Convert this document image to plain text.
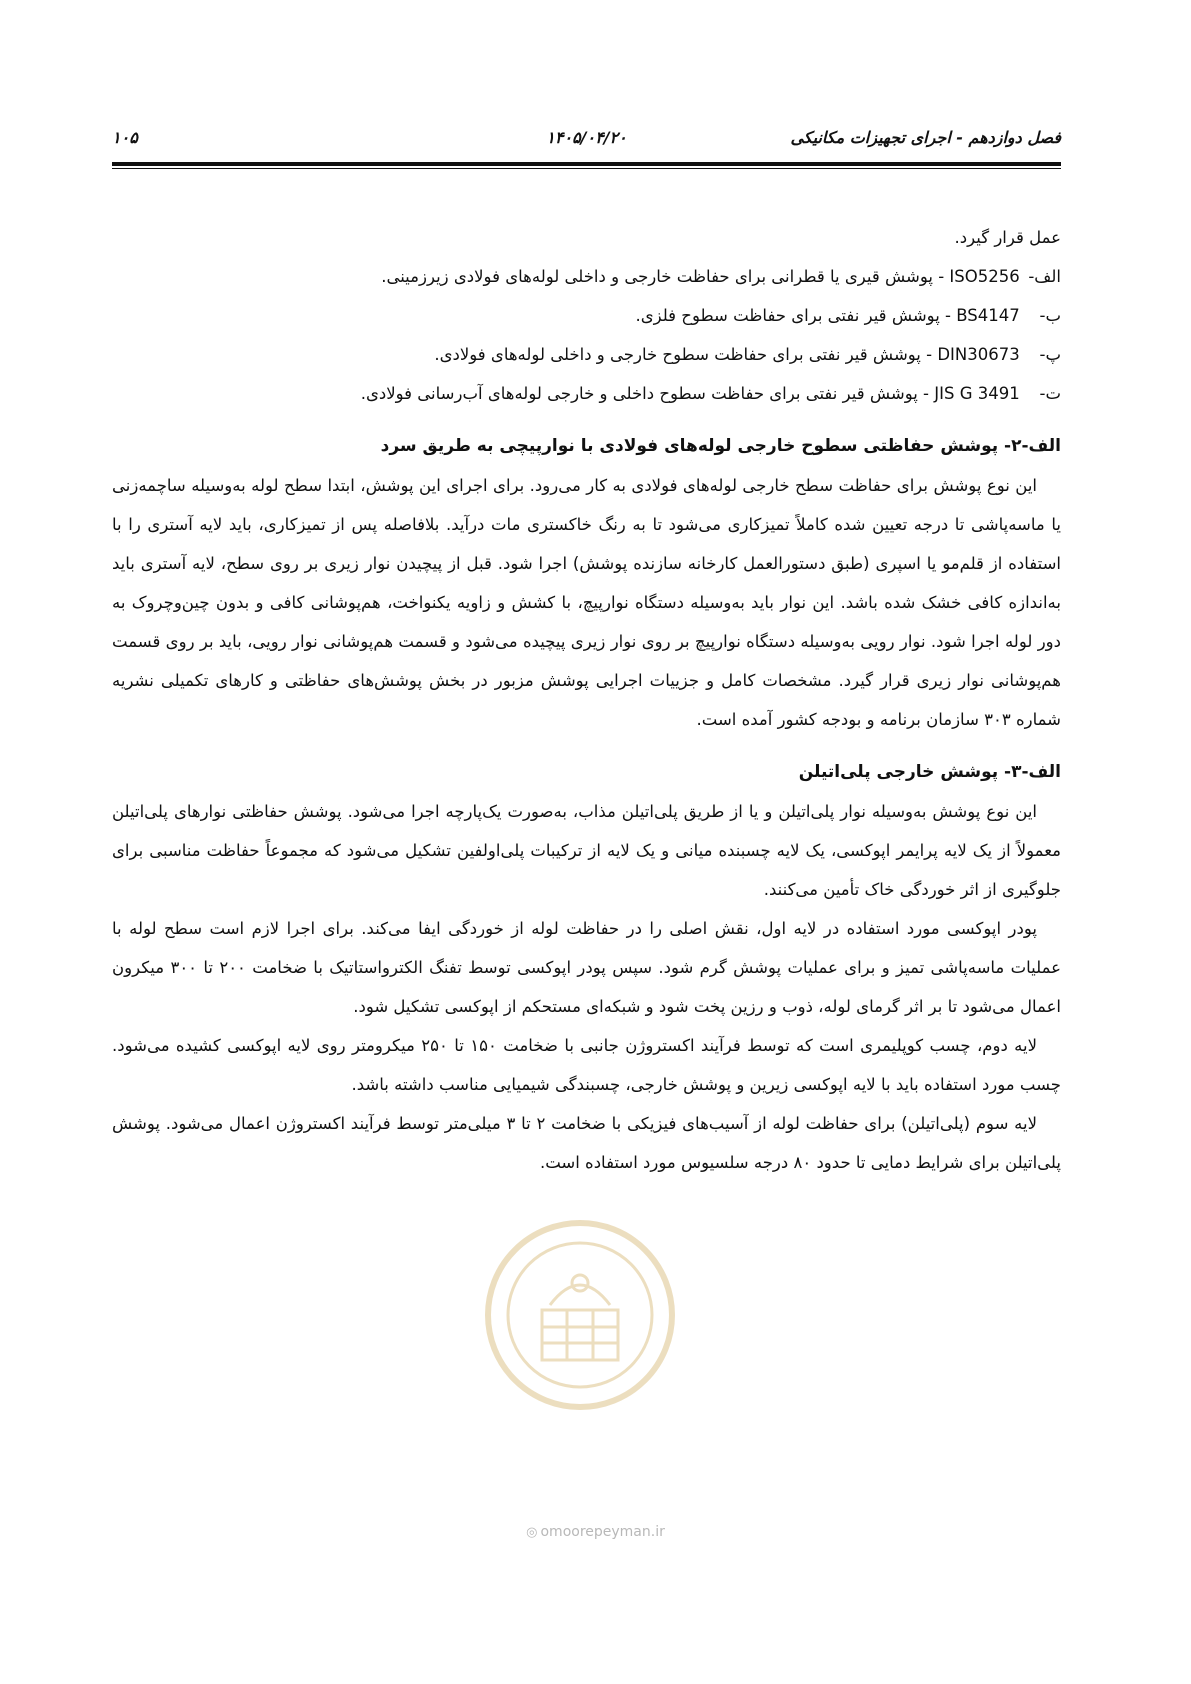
فصل دوازدهم - اجرای تجهیزات مکانیکی
۱۴۰۵/۰۴/۲۰
۱۰۵

عمل قرار گیرد.

الف- ISO5256 - پوشش قیری یا قطرانی برای حفاظت خارجی و داخلی لوله‌های فولادی زیرزمینی.
ب- BS4147 - پوشش قیر نفتی برای حفاظت سطوح فلزی.
پ- DIN30673 - پوشش قیر نفتی برای حفاظت سطوح خارجی و داخلی لوله‌های فولادی.
ت- JIS G 3491 - پوشش قیر نفتی برای حفاظت سطوح داخلی و خارجی لوله‌های آب‌رسانی فولادی.

الف-۲- پوشش حفاظتی سطوح خارجی لوله‌های فولادی با نوارپیچی به طریق سرد

این نوع پوشش برای حفاظت سطح خارجی لوله‌های فولادی به کار می‌رود. برای اجرای این پوشش، ابتدا سطح لوله به‌وسیله ساچمه‌زنی یا ماسه‌پاشی تا درجه تعیین شده کاملاً تمیزکاری می‌شود تا به رنگ خاکستری مات درآید. بلافاصله پس از تمیزکاری، باید لایه آستری را با استفاده از قلم‌مو یا اسپری (طبق دستورالعمل کارخانه سازنده پوشش) اجرا شود. قبل از پیچیدن نوار زیری بر روی سطح، لایه آستری باید به‌اندازه کافی خشک شده باشد. این نوار باید به‌وسیله دستگاه نوارپیچ، با کشش و زاویه یکنواخت، هم‌پوشانی کافی و بدون چین‌وچروک به دور لوله اجرا شود. نوار رویی به‌وسیله دستگاه نوارپیچ بر روی نوار زیری پیچیده می‌شود و قسمت هم‌پوشانی نوار رویی، باید بر روی قسمت هم‌پوشانی نوار زیری قرار گیرد. مشخصات کامل و جزییات اجرایی پوشش مزبور در بخش پوشش‌های حفاظتی و کارهای تکمیلی نشریه شماره ۳۰۳ سازمان برنامه و بودجه کشور آمده است.

الف-۳- پوشش خارجی پلی‌اتیلن

این نوع پوشش به‌وسیله نوار پلی‌اتیلن و یا از طریق پلی‌اتیلن مذاب، به‌صورت یک‌پارچه اجرا می‌شود. پوشش حفاظتی نوارهای پلی‌اتیلن معمولاً از یک لایه پرایمر اپوکسی، یک لایه چسبنده میانی و یک لایه از ترکیبات پلی‌اولفین تشکیل می‌شود که مجموعاً حفاظت مناسبی برای جلوگیری از اثر خوردگی خاک تأمین می‌کنند.

پودر اپوکسی مورد استفاده در لایه اول، نقش اصلی را در حفاظت لوله از خوردگی ایفا می‌کند. برای اجرا لازم است سطح لوله با عملیات ماسه‌پاشی تمیز و برای عملیات پوشش گرم شود. سپس پودر اپوکسی توسط تفنگ الکترواستاتیک با ضخامت ۲۰۰ تا ۳۰۰ میکرون اعمال می‌شود تا بر اثر گرمای لوله، ذوب و رزین پخت شود و شبکه‌ای مستحکم از اپوکسی تشکیل شود.

لایه دوم، چسب کوپلیمری است که توسط فرآیند اکستروژن جانبی با ضخامت ۱۵۰ تا ۲۵۰ میکرومتر روی لایه اپوکسی کشیده می‌شود. چسب مورد استفاده باید با لایه اپوکسی زیرین و پوشش خارجی، چسبندگی شیمیایی مناسب داشته باشد.

لایه سوم (پلی‌اتیلن) برای حفاظت لوله از آسیب‌های فیزیکی با ضخامت ۲ تا ۳ میلی‌متر توسط فرآیند اکستروژن اعمال می‌شود. پوشش پلی‌اتیلن برای شرایط دمایی تا حدود ۸۰ درجه سلسیوس مورد استفاده است.

◎ omoorepeyman.ir
